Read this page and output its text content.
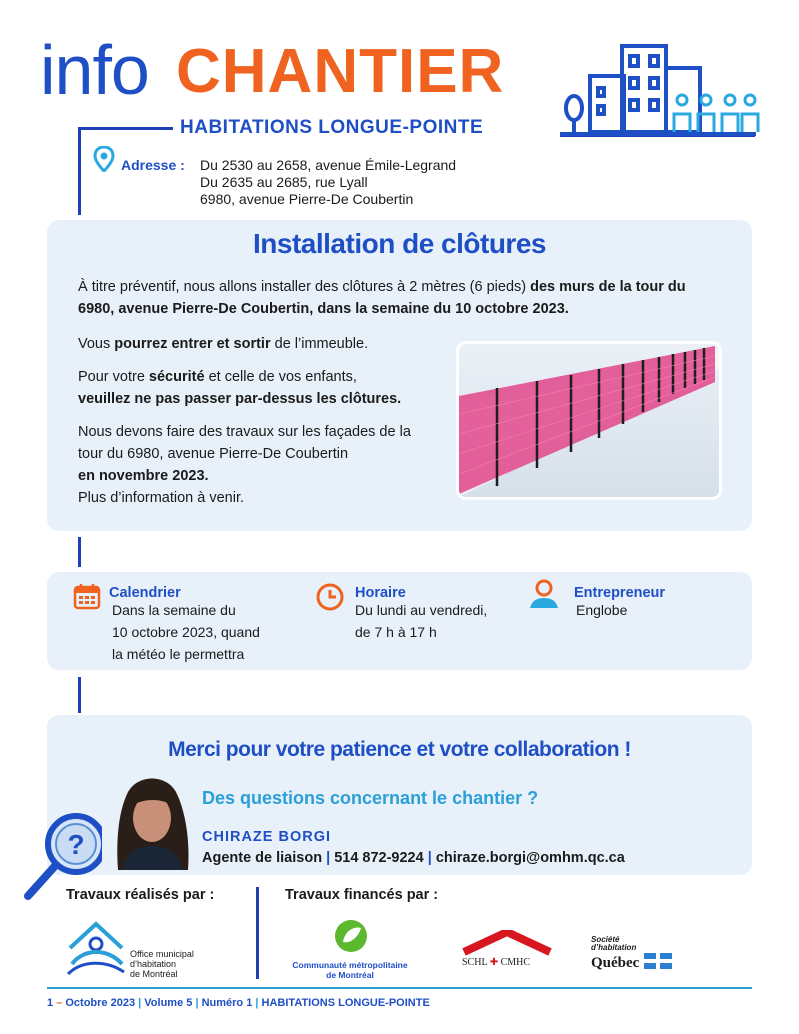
info CHANTIER
HABITATIONS LONGUE-POINTE
Adresse : Du 2530 au 2658, avenue Émile-Legrand
Du 2635 au 2685, rue Lyall
6980, avenue Pierre-De Coubertin
Installation de clôtures
À titre préventif, nous allons installer des clôtures à 2 mètres (6 pieds) des murs de la tour du 6980, avenue Pierre-De Coubertin, dans la semaine du 10 octobre 2023.
Vous pourrez entrer et sortir de l’immeuble.
Pour votre sécurité et celle de vos enfants,
veuillez ne pas passer par-dessus les clôtures.
Nous devons faire des travaux sur les façades de la tour du 6980, avenue Pierre-De Coubertin
en novembre 2023.
Plus d’information à venir.
Calendrier
Dans la semaine du
10 octobre 2023, quand
la météo le permettra
Horaire
Du lundi au vendredi,
de 7 h à 17 h
Entrepreneur
Englobe
Merci pour votre patience et votre collaboration !
Des questions concernant le chantier ?
CHIRAZE BORGI
Agente de liaison | 514 872-9224 | chiraze.borgi@omhm.qc.ca
?
Travaux réalisés par :	Travaux financés par :
Office municipal
d’habitation
de Montréal
Communauté métropolitaine
de Montréal
SCHL ✚ CMHC
Société
d’habitation
Québec
1 – Octobre 2023 | Volume 5 | Numéro 1 | HABITATIONS LONGUE-POINTE
